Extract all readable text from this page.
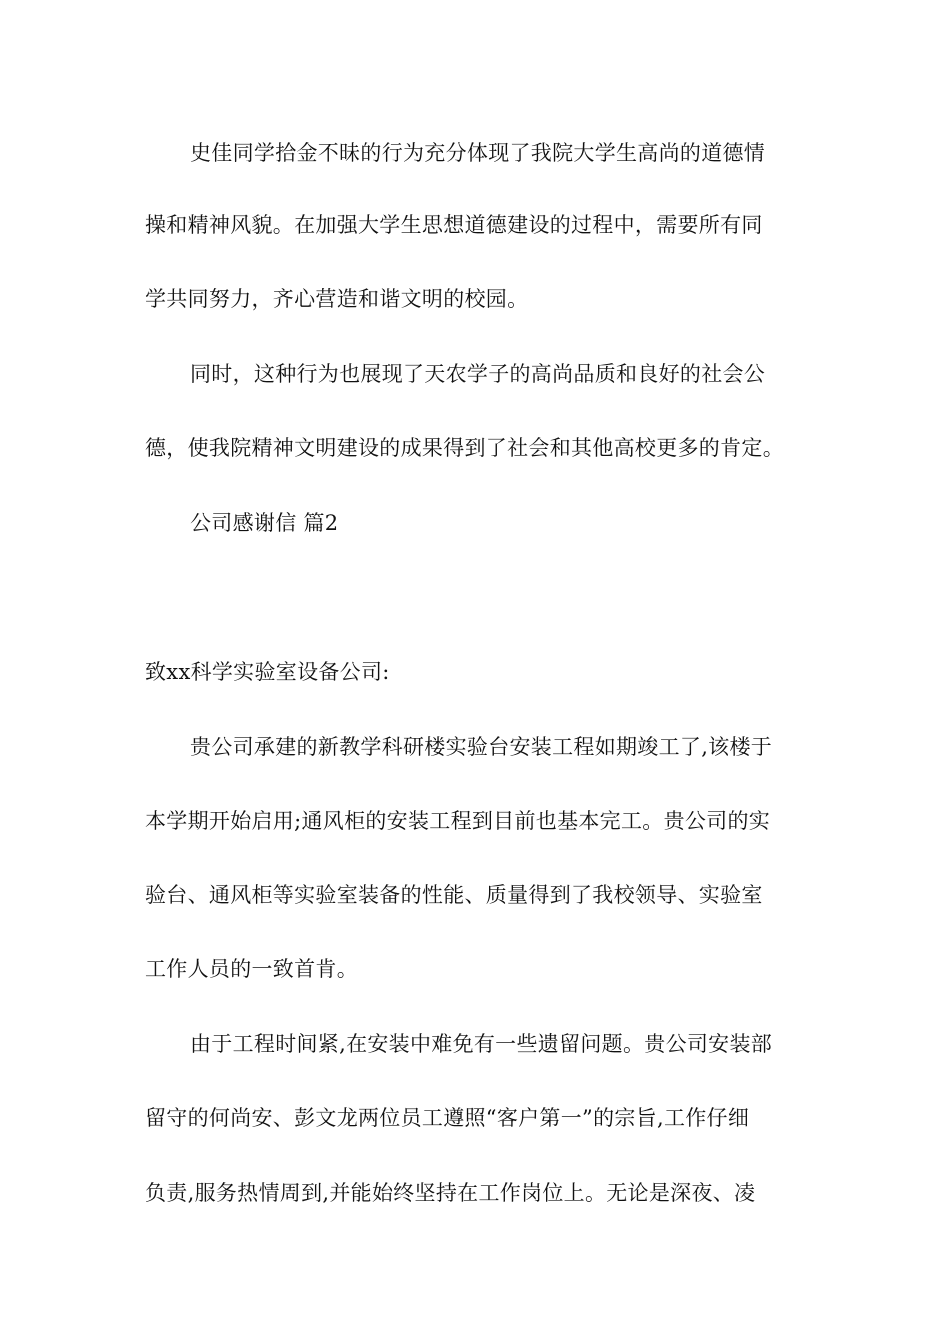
史佳同学拾金不昧的行为充分体现了我院大学生高尚的道德情
操和精神风貌。在加强大学生思想道德建设的过程中，需要所有同
学共同努力，齐心营造和谐文明的校园。
同时，这种行为也展现了天农学子的高尚品质和良好的社会公
德，使我院精神文明建设的成果得到了社会和其他高校更多的肯定。
公司感谢信 篇2
致xx科学实验室设备公司:
贵公司承建的新教学科研楼实验台安装工程如期竣工了,该楼于
本学期开始启用;通风柜的安装工程到目前也基本完工。贵公司的实
验台、通风柜等实验室装备的性能、质量得到了我校领导、实验室
工作人员的一致首肯。
由于工程时间紧,在安装中难免有一些遗留问题。贵公司安装部
留守的何尚安、彭文龙两位员工遵照“客户第一”的宗旨,工作仔细
负责,服务热情周到,并能始终坚持在工作岗位上。无论是深夜、凌
